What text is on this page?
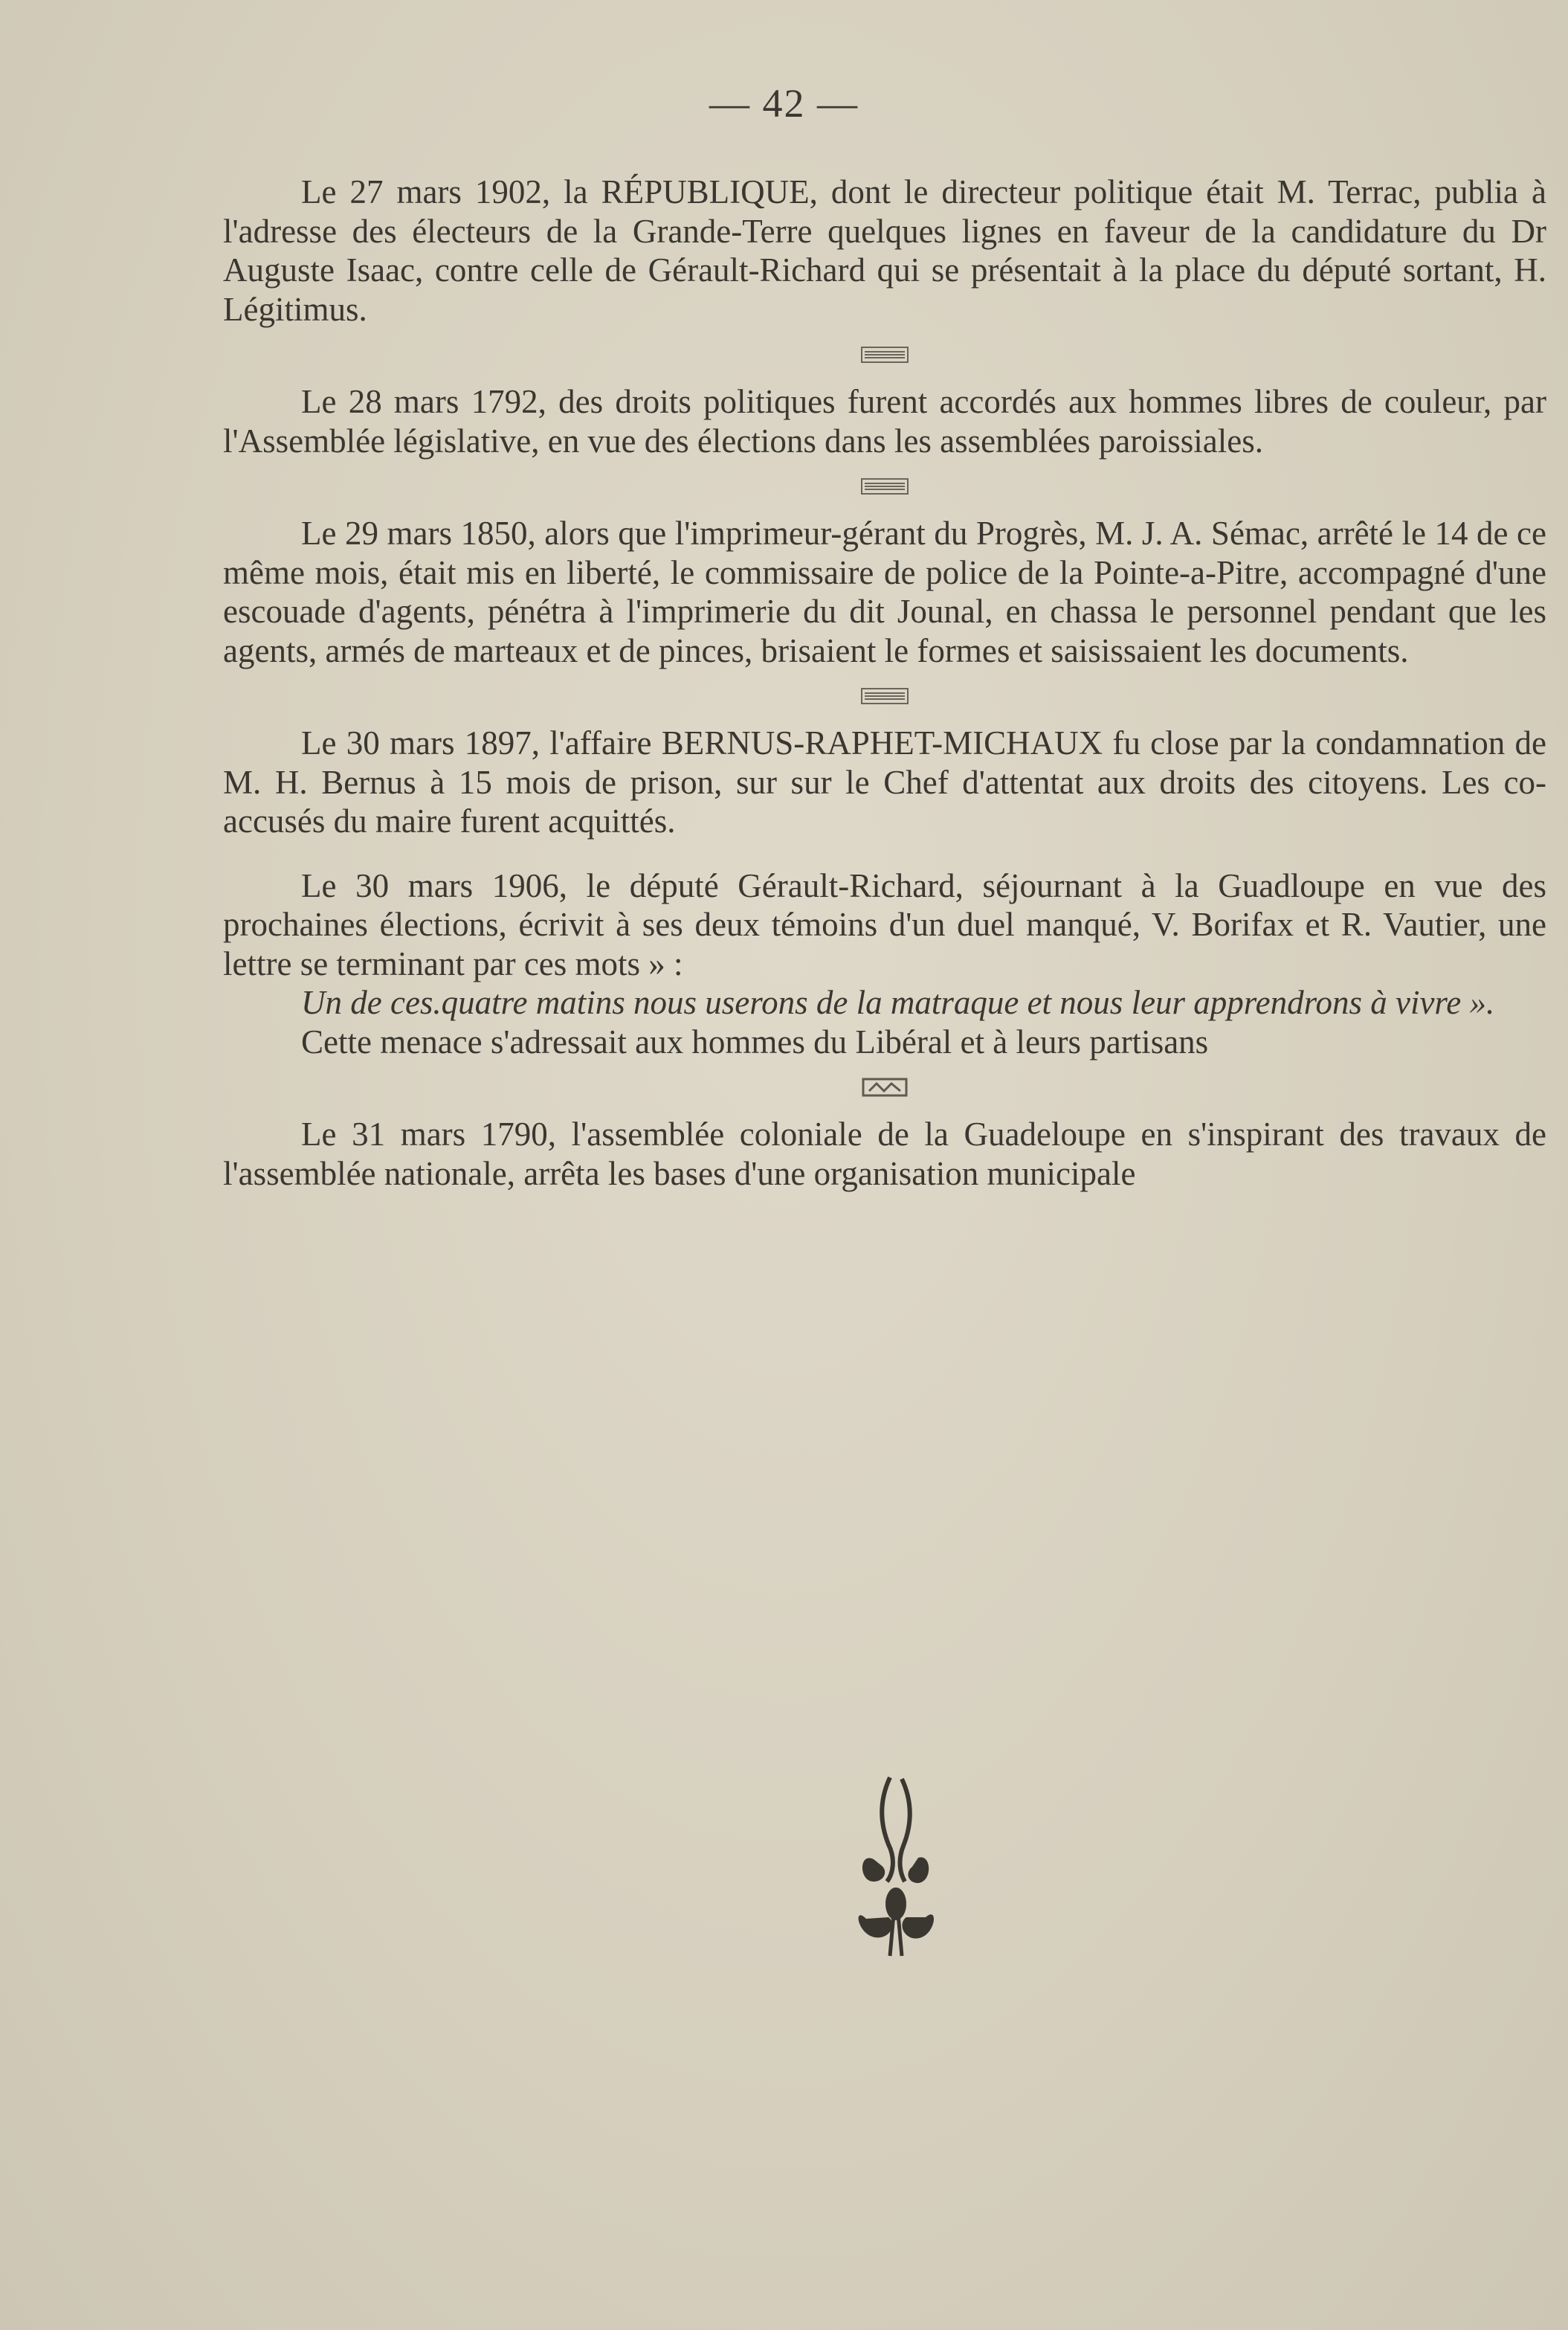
— 42 —

Le 27 mars 1902, la RÉPUBLIQUE, dont le directeur politique était M. Terrac, publia à l'adresse des électeurs de la Grande-Terre quelques lignes en faveur de la candidature du Dr Auguste Isaac, contre celle de Gérault-Richard qui se présentait à la place du député sortant, H. Légitimus.

Le 28 mars 1792, des droits politiques furent accordés aux hommes libres de couleur, par l'Assemblée législative, en vue des élections dans les assemblées paroissiales.

Le 29 mars 1850, alors que l'imprimeur-gérant du Progrès, M. J. A. Sémac, arrêté le 14 de ce même mois, était mis en liberté, le commissaire de police de la Pointe-a-Pitre, accompagné d'une escouade d'agents, pénétra à l'imprimerie du dit Jounal, en chassa le personnel pendant que les agents, armés de marteaux et de pinces, brisaient le formes et saisissaient les documents.

Le 30 mars 1897, l'affaire BERNUS-RAPHET-MICHAUX fu close par la condamnation de M. H. Bernus à 15 mois de prison, sur sur le Chef d'attentat aux droits des citoyens. Les co-accusés du maire furent acquittés.

Le 30 mars 1906, le député Gérault-Richard, séjournant à la Guadloupe en vue des prochaines élections, écrivit à ses deux témoins d'un duel manqué, V. Borifax et R. Vautier, une lettre se terminant par ces mots » :

Un de ces.quatre matins nous userons de la matraque et nous leur apprendrons à vivre ».

Cette menace s'adressait aux hommes du Libéral et à leurs partisans

Le 31 mars 1790, l'assemblée coloniale de la Guadeloupe en s'inspirant des travaux de l'assemblée nationale, arrêta les bases d'une organisation municipale
